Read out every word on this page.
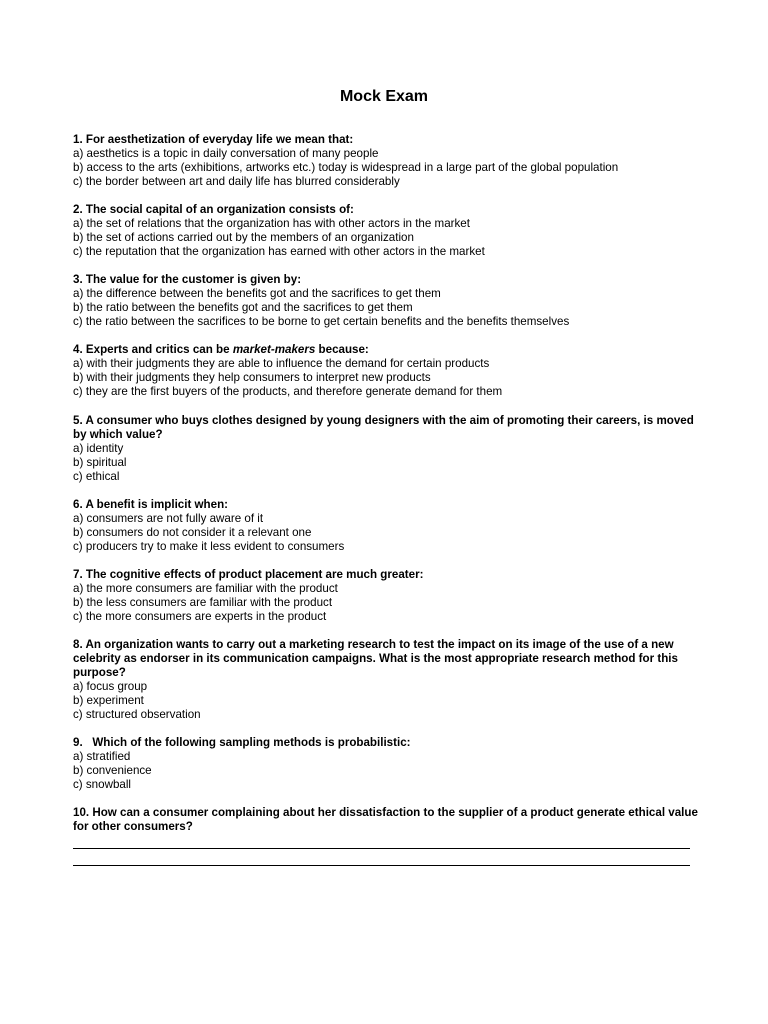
Mock Exam
1. For aesthetization of everyday life we mean that:
a) aesthetics is a topic in daily conversation of many people
b) access to the arts (exhibitions, artworks etc.) today is widespread in a large part of the global population
c) the border between art and daily life has blurred considerably
2. The social capital of an organization consists of:
a) the set of relations that the organization has with other actors in the market
b) the set of actions carried out by the members of an organization
c) the reputation that the organization has earned with other actors in the market
3. The value for the customer is given by:
a) the difference between the benefits got and the sacrifices to get them
b) the ratio between the benefits got and the sacrifices to get them
c) the ratio between the sacrifices to be borne to get certain benefits and the benefits themselves
4. Experts and critics can be market-makers because:
a) with their judgments they are able to influence the demand for certain products
b) with their judgments they help consumers to interpret new products
c) they are the first buyers of the products, and therefore generate demand for them
5. A consumer who buys clothes designed by young designers with the aim of promoting their careers, is moved by which value?
a) identity
b) spiritual
c) ethical
6. A benefit is implicit when:
a) consumers are not fully aware of it
b) consumers do not consider it a relevant one
c) producers try to make it less evident to consumers
7. The cognitive effects of product placement are much greater:
a) the more consumers are familiar with the product
b) the less consumers are familiar with the product
c) the more consumers are experts in the product
8. An organization wants to carry out a marketing research to test the impact on its image of the use of a new celebrity as endorser in its communication campaigns. What is the most appropriate research method for this purpose?
a) focus group
b) experiment
c) structured observation
9.   Which of the following sampling methods is probabilistic:
a) stratified
b) convenience
c) snowball
10. How can a consumer complaining about her dissatisfaction to the supplier of a product generate ethical value for other consumers?
